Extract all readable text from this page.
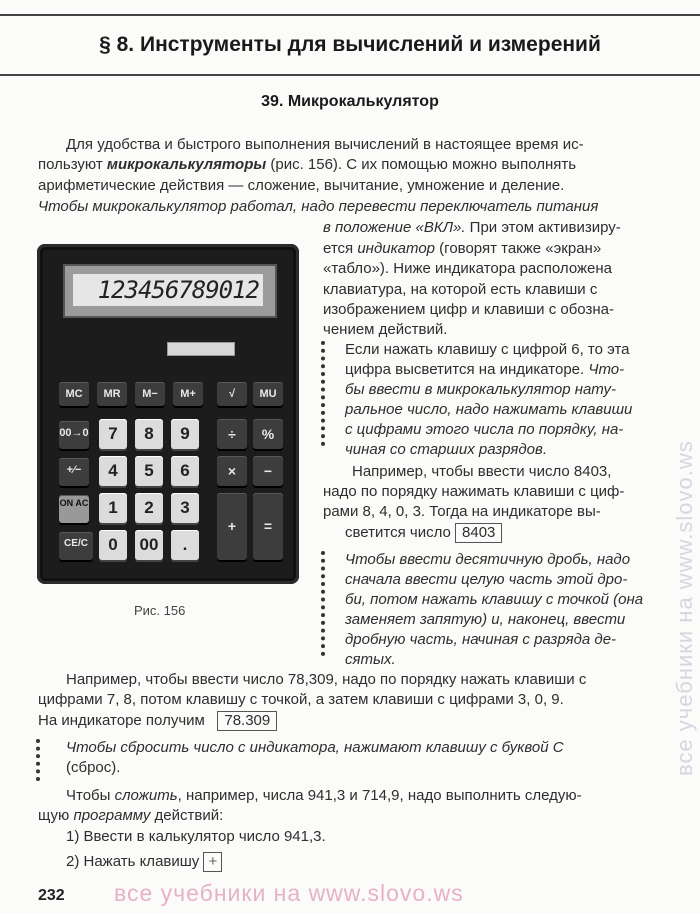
§ 8. Инструменты для вычислений и измерений
39. Микрокалькулятор
Для удобства и быстрого выполнения вычислений в настоящее время ис-
пользуют микрокалькуляторы (рис. 156). С их помощью можно выполнять
арифметические действия — сложение, вычитание, умножение и деление.
Чтобы микрокалькулятор работал, надо перевести переключатель питания
в положение «ВКЛ». При этом активизиру-
ется индикатор (говорят также «экран»
«табло»). Ниже индикатора расположена
клавиатура, на которой есть клавиши с
изображением цифр и клавиши с обозна-
чением действий.
Если нажать клавишу с цифрой 6, то эта
цифра высветится на индикаторе. Что-
бы ввести в микрокалькулятор нату-
ральное число, надо нажимать клавиши
с цифрами этого числа по порядку, на-
чиная со старших разрядов.
Например, чтобы ввести число 8403,
надо по порядку нажимать клавиши с циф-
рами 8, 4, 0, 3. Тогда на индикаторе вы-
светится число 8403
Чтобы ввести десятичную дробь, надо
сначала ввести целую часть этой дро-
би, потом нажать клавишу с точкой (она
заменяет запятую) и, наконец, ввести
дробную часть, начиная с разряда де-
сятых.
Например, чтобы ввести число 78,309, надо по порядку нажать клавиши с
цифрами 7, 8, потом клавишу с точкой, а затем клавиши с цифрами 3, 0, 9.
На индикаторе получим 78.309
Чтобы сбросить число с индикатора, нажимают клавишу с буквой С
(сброс).
Чтобы сложить, например, числа 941,3 и 714,9, надо выполнить следую-
щую программу действий:
1) Ввести в калькулятор число 941,3.
2) Нажать клавишу +
123456789012
MC	MR	M−	M+	√	MU
00→0	7	8	9	÷	%
+⁄−	4	5	6	×	−
ON AC	1	2	3
+	=
CE/C	0	00	.
Рис. 156
232 все учебники на www.slovo.ws
все учебники на www.slovo.ws
